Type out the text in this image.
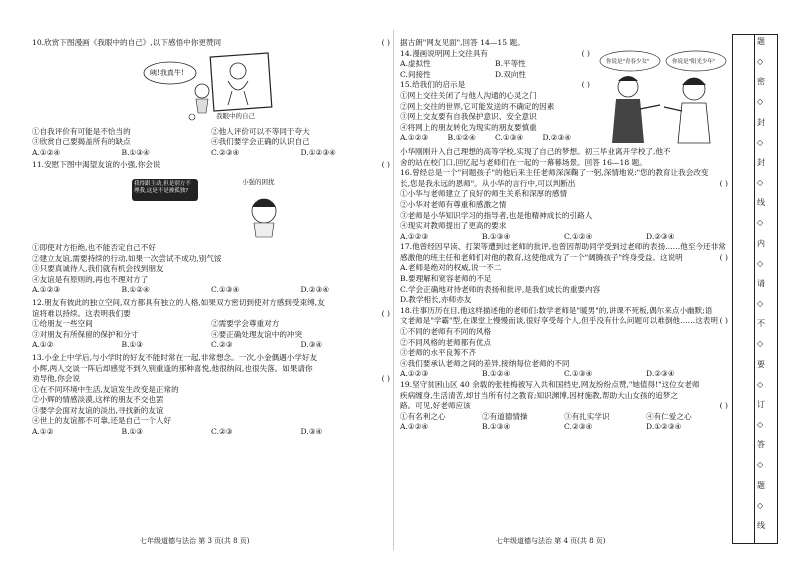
10.欣赏下图漫画《我眼中的自己》,以下感悟中你更赞同	( )
咦!我真牛!
我眼中的自己
①自我评价有可能是不恰当的	②他人评价可以不等同于夸大
③欣赏自己要揭盖所有的缺点	④我们要学会正确的认识自己
A.①②④	B.①③④	C.②③④	D.①②③④
11.安慰下图中渴望友谊的小强,你会说	( )
我得跟主动,但是别方不理我,这是不是被孤独?
小强的困扰
①即使对方拒绝,也不能否定自己不好
②建立友谊,需要持续的行动,如果一次尝试不成功,别气馁
③只要真诚待人,我们就有机会找到朋友
④友谊是有原则的,再也不理对方了
A.①②③	B.①②④	C.①③④	D.②③④
12.朋友有彼此的独立空间,双方都具有独立的人格,如果双方密切到使对方感到受束缚,友
谊将难以持续。这表明我们要	( )
①给朋友一些空间	②需要学会尊重对方
③对朋友有所保留的保护和分寸	④要正确处理友谊中的冲突
A.①②	B.①③	C.②③	D.③④
13.小金上中学后,与小学时的好友不能时常在一起,非常想念。一次,小金偶遇小学好友
小辉,两人交谈一阵后却感觉不到久别重逢的那种喜悦,他很纳闷,也很失落。如果请你
劝导他,你会说	( )
①在不同环境中生活,友谊发生改变是正常的
②小辉的情感淡漠,这样的朋友不交也罢
③要学会面对友谊的淡出,寻找新的友谊
④世上的友谊都不可靠,还是自己一个人好
A.①②	B.①③	C.②③	D.③④
七年级道德与法治 第 3 页(共 8 页)
据古朗"网友见面",回答 14—15 题。
14.漫画说明网上交往具有	( )
A.虚拟性	B.平等性
C.间接性	D.双向性
15.给我们的启示是	( )
①网上交往关闭了与他人沟通的心灵之门
②网上交往的世界,它可能发送的不确定的因素
③网上交友要有自我保护意识、安全意识
④将网上的朋友转化为现实的朋友要慎重
A.①②③	B.①②④	C.①③④	D.②③④
你说是"青春少女"	你说是"阳光少年"
小华刚刚升入自己理想的高等学校,实现了自己的梦想。初三毕业离开学校了,他不
舍的站在校门口,回忆起与老师们在一起的一幕幕场景。回答 16—18 题。
16.曾经总是一个"问题孩子"的他后来主任老师深深鞠了一躬,深情地说:"您的教育让我会改变
长,您是我永远的恩师"。从小华的言行中,可以判断出	( )
①小华与老师建立了良好的师生关系和深厚的感情
②小华对老师有尊重和感激之情
③老师是小华知识学习的指导者,也是他精神成长的引路人
④现实对教师提出了更高的要求
A.①②③	B.①③④	C.①②④	D.②③④
17.他曾经因早读、打架等遭到过老师的批评,也曾因帮助同学受到过老师的表扬……他至今还非常
感激他的班主任和老师们对他的教育,这使他成为了一个"阔腾孩子"终身受益。这说明	( )
A.老师是绝对的权威,说一不二
B.要理解和宽容老师的不足
C.学会正确地对待老师的表扬和批评,是我们成长的重要内容
D.教学相长,亦师亦友
18.往事历历在目,他这样描述他的老师们:数学老师是"暖男"的,讲课不死板,偶尔来点小幽默;语
文老师是"学霸"型,在课堂上慢慢而谈,很好享受每个人,但乎没有什么问题可以难倒他……这表明 ( )
①不同的老师有不同的风格
②不同风格的老师都有优点
③老师的水平良莠不齐
④我们要承认老师之间的差异,接纳每位老师的不同
A.①②③	B.①②④	C.①③④	D.②③④
19.坚守贫困山区 40 余载的张桂梅被写入共和国档史,网友纷纷点赞,"她值得!"这位女老师
疾病缠身,生活清苦,却甘当所有付之教育;知识渊博,因材施教,帮助大山女孩的追梦之
路。可见,好老师应该	( )
①有名利之心	②有道德情操	③有扎实学识	④有仁爱之心
A.①②④	B.①③④	C.②③④	D.①②③④
七年级道德与法治 第 4 页(共 8 页)
题
◇
密
◇
封
◇
封
◇
线
◇
内
◇
请
◇
不
◇
要
◇
订
◇
答
◇
题
◇
线
